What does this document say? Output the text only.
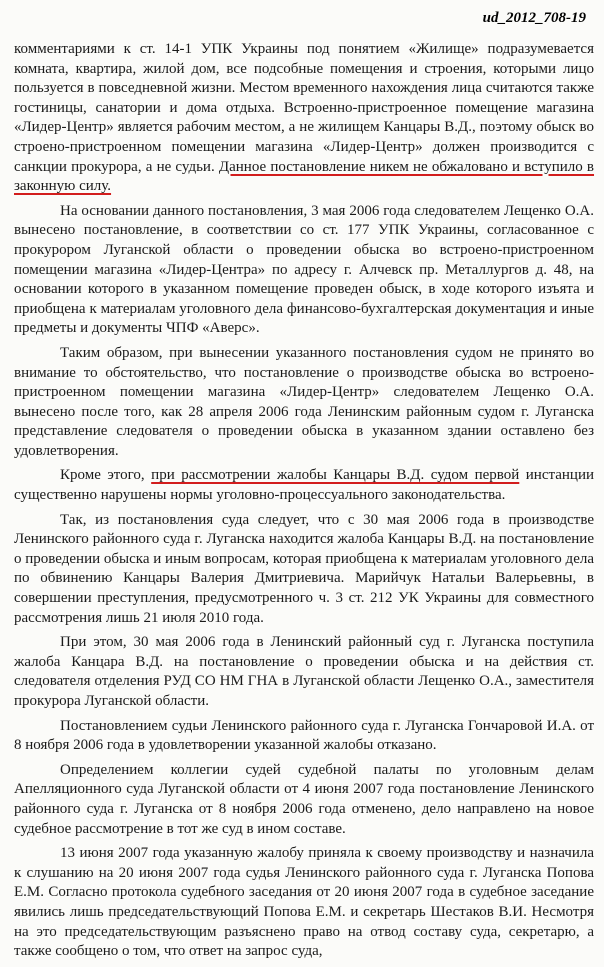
ud_2012_708-19

комментариями к ст. 14-1 УПК Украины под понятием «Жилище» подразумевается комната, квартира, жилой дом, все подсобные помещения и строения, которыми лицо пользуется в повседневной жизни. Местом временного нахождения лица считаются также гостиницы, санатории и дома отдыха. Встроенно-пристроенное помещение магазина «Лидер-Центр» является рабочим местом, а не жилищем Канцары В.Д., поэтому обыск во строено-пристроенном помещении магазина «Лидер-Центр» должен производится с санкции прокурора, а не судьи. Данное постановление никем не обжаловано и вступило в законную силу.

На основании данного постановления, 3 мая 2006 года следователем Лещенко О.А. вынесено постановление, в соответствии со ст. 177 УПК Украины, согласованное с прокурором Луганской области о проведении обыска во встроено-пристроенном помещении магазина «Лидер-Центра» по адресу г. Алчевск пр. Металлургов д. 48, на основании которого в указанном помещение проведен обыск, в ходе которого изъята и приобщена к материалам уголовного дела финансово-бухгалтерская документация и иные предметы и документы ЧПФ «Аверс».

Таким образом, при вынесении указанного постановления судом не принято во внимание то обстоятельство, что постановление о производстве обыска во встроено-пристроенном помещении магазина «Лидер-Центр» следователем Лещенко О.А. вынесено после того, как 28 апреля 2006 года Ленинским районным судом г. Луганска представление следователя о проведении обыска в указанном здании оставлено без удовлетворения.

Кроме этого, при рассмотрении жалобы Канцары В.Д. судом первой инстанции существенно нарушены нормы уголовно-процессуального законодательства.

Так, из постановления суда следует, что с 30 мая 2006 года в производстве Ленинского районного суда г. Луганска находится жалоба Канцары В.Д. на постановление о проведении обыска и иным вопросам, которая приобщена к материалам уголовного дела по обвинению Канцары Валерия Дмитриевича. Марийчук Натальи Валерьевны, в совершении преступления, предусмотренного ч. 3 ст. 212 УК Украины для совместного рассмотрения лишь 21 июля 2010 года.

При этом, 30 мая 2006 года в Ленинский районный суд г. Луганска поступила жалоба Канцара В.Д. на постановление о проведении обыска и на действия ст. следователя отделения РУД СО НМ ГНА в Луганской области Лещенко О.А., заместителя прокурора Луганской области.

Постановлением судьи Ленинского районного суда г. Луганска Гончаровой И.А. от 8 ноября 2006 года в удовлетворении указанной жалобы отказано.

Определением коллегии судей судебной палаты по уголовным делам Апелляционного суда Луганской области от 4 июня 2007 года постановление Ленинского районного суда г. Луганска от 8 ноября 2006 года отменено, дело направлено на новое судебное рассмотрение в тот же суд в ином составе.

13 июня 2007 года указанную жалобу приняла к своему производству и назначила к слушанию на 20 июня 2007 года судья Ленинского районного суда г. Луганска Попова Е.М. Согласно протокола судебного заседания от 20 июня 2007 года в судебное заседание явились лишь председательствующий Попова Е.М. и секретарь Шестаков В.И. Несмотря на это председательствующим разъяснено право на отвод составу суда, секретарю, а также сообщено о том, что ответ на запрос суда,
